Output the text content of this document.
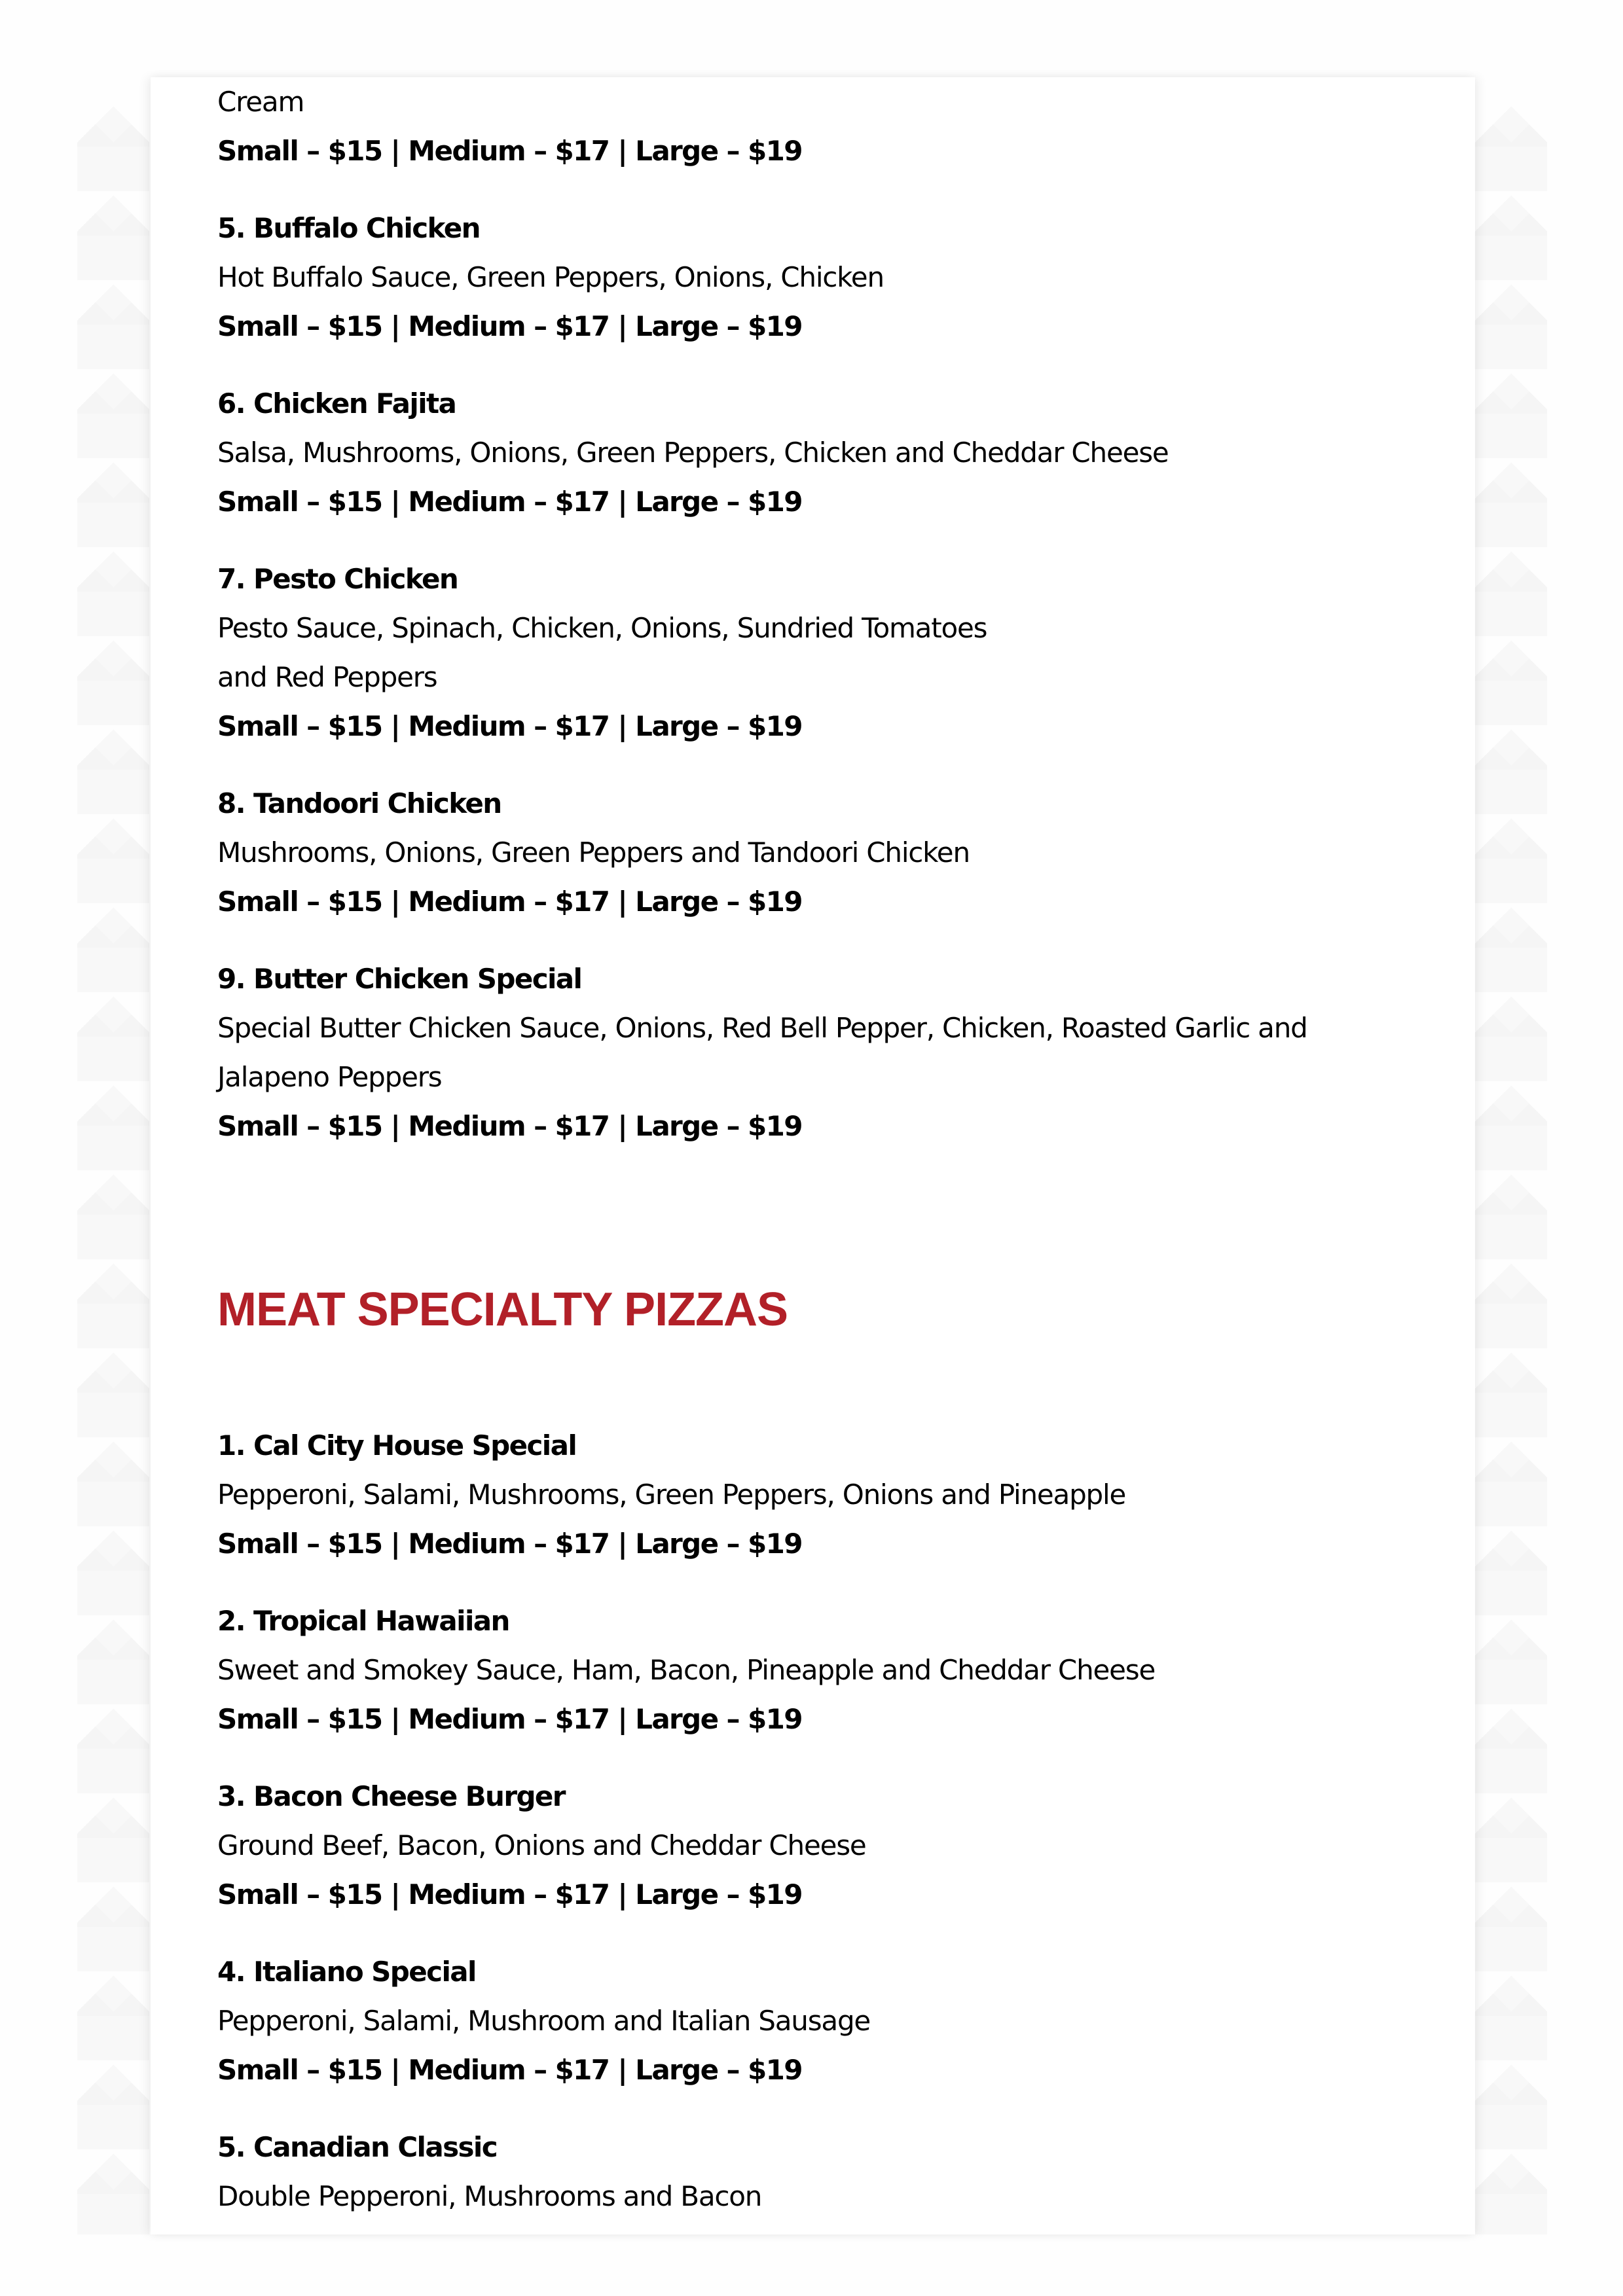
Cream
Small – $15 | Medium – $17 | Large – $19
5. Buffalo Chicken
Hot Buffalo Sauce, Green Peppers, Onions, Chicken
Small – $15 | Medium – $17 | Large – $19
6. Chicken Fajita
Salsa, Mushrooms, Onions, Green Peppers, Chicken and Cheddar Cheese
Small – $15 | Medium – $17 | Large – $19
7. Pesto Chicken
Pesto Sauce, Spinach, Chicken, Onions, Sundried Tomatoes
and Red Peppers
Small – $15 | Medium – $17 | Large – $19
8. Tandoori Chicken
Mushrooms, Onions, Green Peppers and Tandoori Chicken
Small – $15 | Medium – $17 | Large – $19
9. Butter Chicken Special
Special Butter Chicken Sauce, Onions, Red Bell Pepper, Chicken, Roasted Garlic and
Jalapeno Peppers
Small – $15 | Medium – $17 | Large – $19
MEAT SPECIALTY PIZZAS
1. Cal City House Special
Pepperoni, Salami, Mushrooms, Green Peppers, Onions and Pineapple
Small – $15 | Medium – $17 | Large – $19
2. Tropical Hawaiian
Sweet and Smokey Sauce, Ham, Bacon, Pineapple and Cheddar Cheese
Small – $15 | Medium – $17 | Large – $19
3. Bacon Cheese Burger
Ground Beef, Bacon, Onions and Cheddar Cheese
Small – $15 | Medium – $17 | Large – $19
4. Italiano Special
Pepperoni, Salami, Mushroom and Italian Sausage
Small – $15 | Medium – $17 | Large – $19
5. Canadian Classic
Double Pepperoni, Mushrooms and Bacon
